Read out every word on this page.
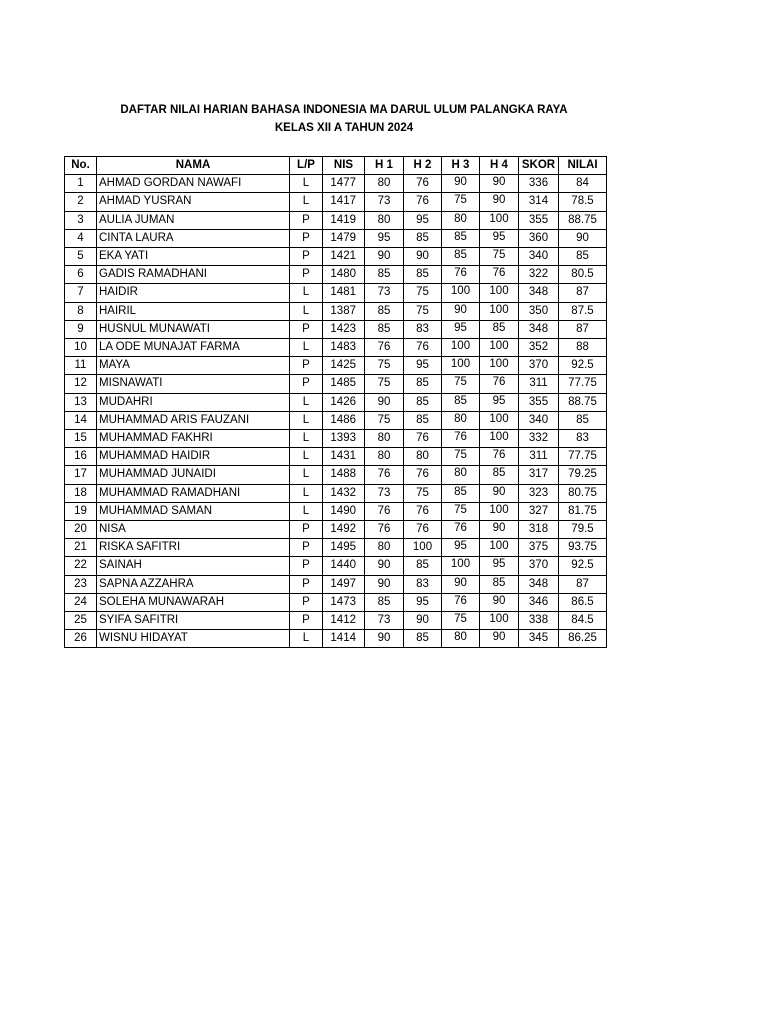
DAFTAR NILAI HARIAN BAHASA INDONESIA MA DARUL ULUM PALANGKA RAYA
KELAS XII A TAHUN 2024
No.	NAMA	L/P	NIS	H 1	H 2	H 3	H 4	SKOR	NILAI
1	AHMAD GORDAN NAWAFI	L	1477	80	76	90	90	336	84
2	AHMAD YUSRAN	L	1417	73	76	75	90	314	78.5
3	AULIA JUMAN	P	1419	80	95	80	100	355	88.75
4	CINTA LAURA	P	1479	95	85	85	95	360	90
5	EKA YATI	P	1421	90	90	85	75	340	85
6	GADIS RAMADHANI	P	1480	85	85	76	76	322	80.5
7	HAIDIR	L	1481	73	75	100	100	348	87
8	HAIRIL	L	1387	85	75	90	100	350	87.5
9	HUSNUL MUNAWATI	P	1423	85	83	95	85	348	87
10	LA ODE MUNAJAT FARMA	L	1483	76	76	100	100	352	88
11	MAYA	P	1425	75	95	100	100	370	92.5
12	MISNAWATI	P	1485	75	85	75	76	311	77.75
13	MUDAHRI	L	1426	90	85	85	95	355	88.75
14	MUHAMMAD ARIS FAUZANI	L	1486	75	85	80	100	340	85
15	MUHAMMAD FAKHRI	L	1393	80	76	76	100	332	83
16	MUHAMMAD HAIDIR	L	1431	80	80	75	76	311	77.75
17	MUHAMMAD JUNAIDI	L	1488	76	76	80	85	317	79.25
18	MUHAMMAD RAMADHANI	L	1432	73	75	85	90	323	80.75
19	MUHAMMAD SAMAN	L	1490	76	76	75	100	327	81.75
20	NISA	P	1492	76	76	76	90	318	79.5
21	RISKA SAFITRI	P	1495	80	100	95	100	375	93.75
22	SAINAH	P	1440	90	85	100	95	370	92.5
23	SAPNA AZZAHRA	P	1497	90	83	90	85	348	87
24	SOLEHA MUNAWARAH	P	1473	85	95	76	90	346	86.5
25	SYIFA SAFITRI	P	1412	73	90	75	100	338	84.5
26	WISNU HIDAYAT	L	1414	90	85	80	90	345	86.25
